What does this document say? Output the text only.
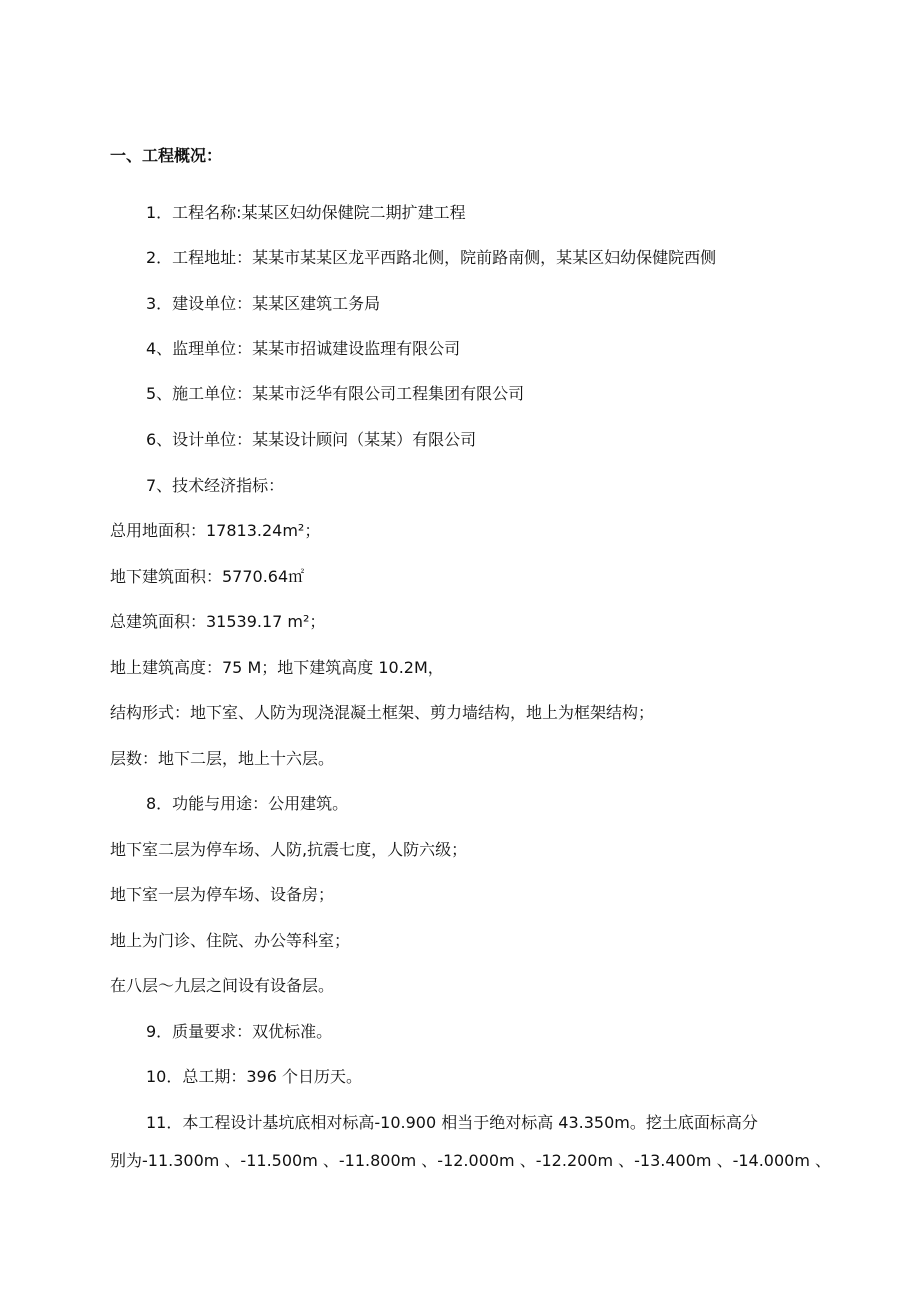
一、工程概况：
1．工程名称:某某区妇幼保健院二期扩建工程
2．工程地址：某某市某某区龙平西路北侧，院前路南侧，某某区妇幼保健院西侧
3．建设单位：某某区建筑工务局
4、监理单位：某某市招诚建设监理有限公司
5、施工单位：某某市泛华有限公司工程集团有限公司
6、设计单位：某某设计顾问（某某）有限公司
7、技术经济指标：
总用地面积：17813.24m²；
地下建筑面积：5770.64㎡
总建筑面积：31539.17 m²；
地上建筑高度：75 M；地下建筑高度 10.2M，
结构形式：地下室、人防为现浇混凝土框架、剪力墙结构，地上为框架结构；
层数：地下二层，地上十六层。
8．功能与用途：公用建筑。
地下室二层为停车场、人防,抗震七度，人防六级；
地下室一层为停车场、设备房；
地上为门诊、住院、办公等科室；
在八层～九层之间设有设备层。
9．质量要求：双优标准。
10．总工期：396 个日历天。
11．本工程设计基坑底相对标高-10.900 相当于绝对标高 43.350m。挖土底面标高分
别为-11.300m 、-11.500m 、-11.800m 、-12.000m 、-12.200m 、-13.400m 、-14.000m 、
